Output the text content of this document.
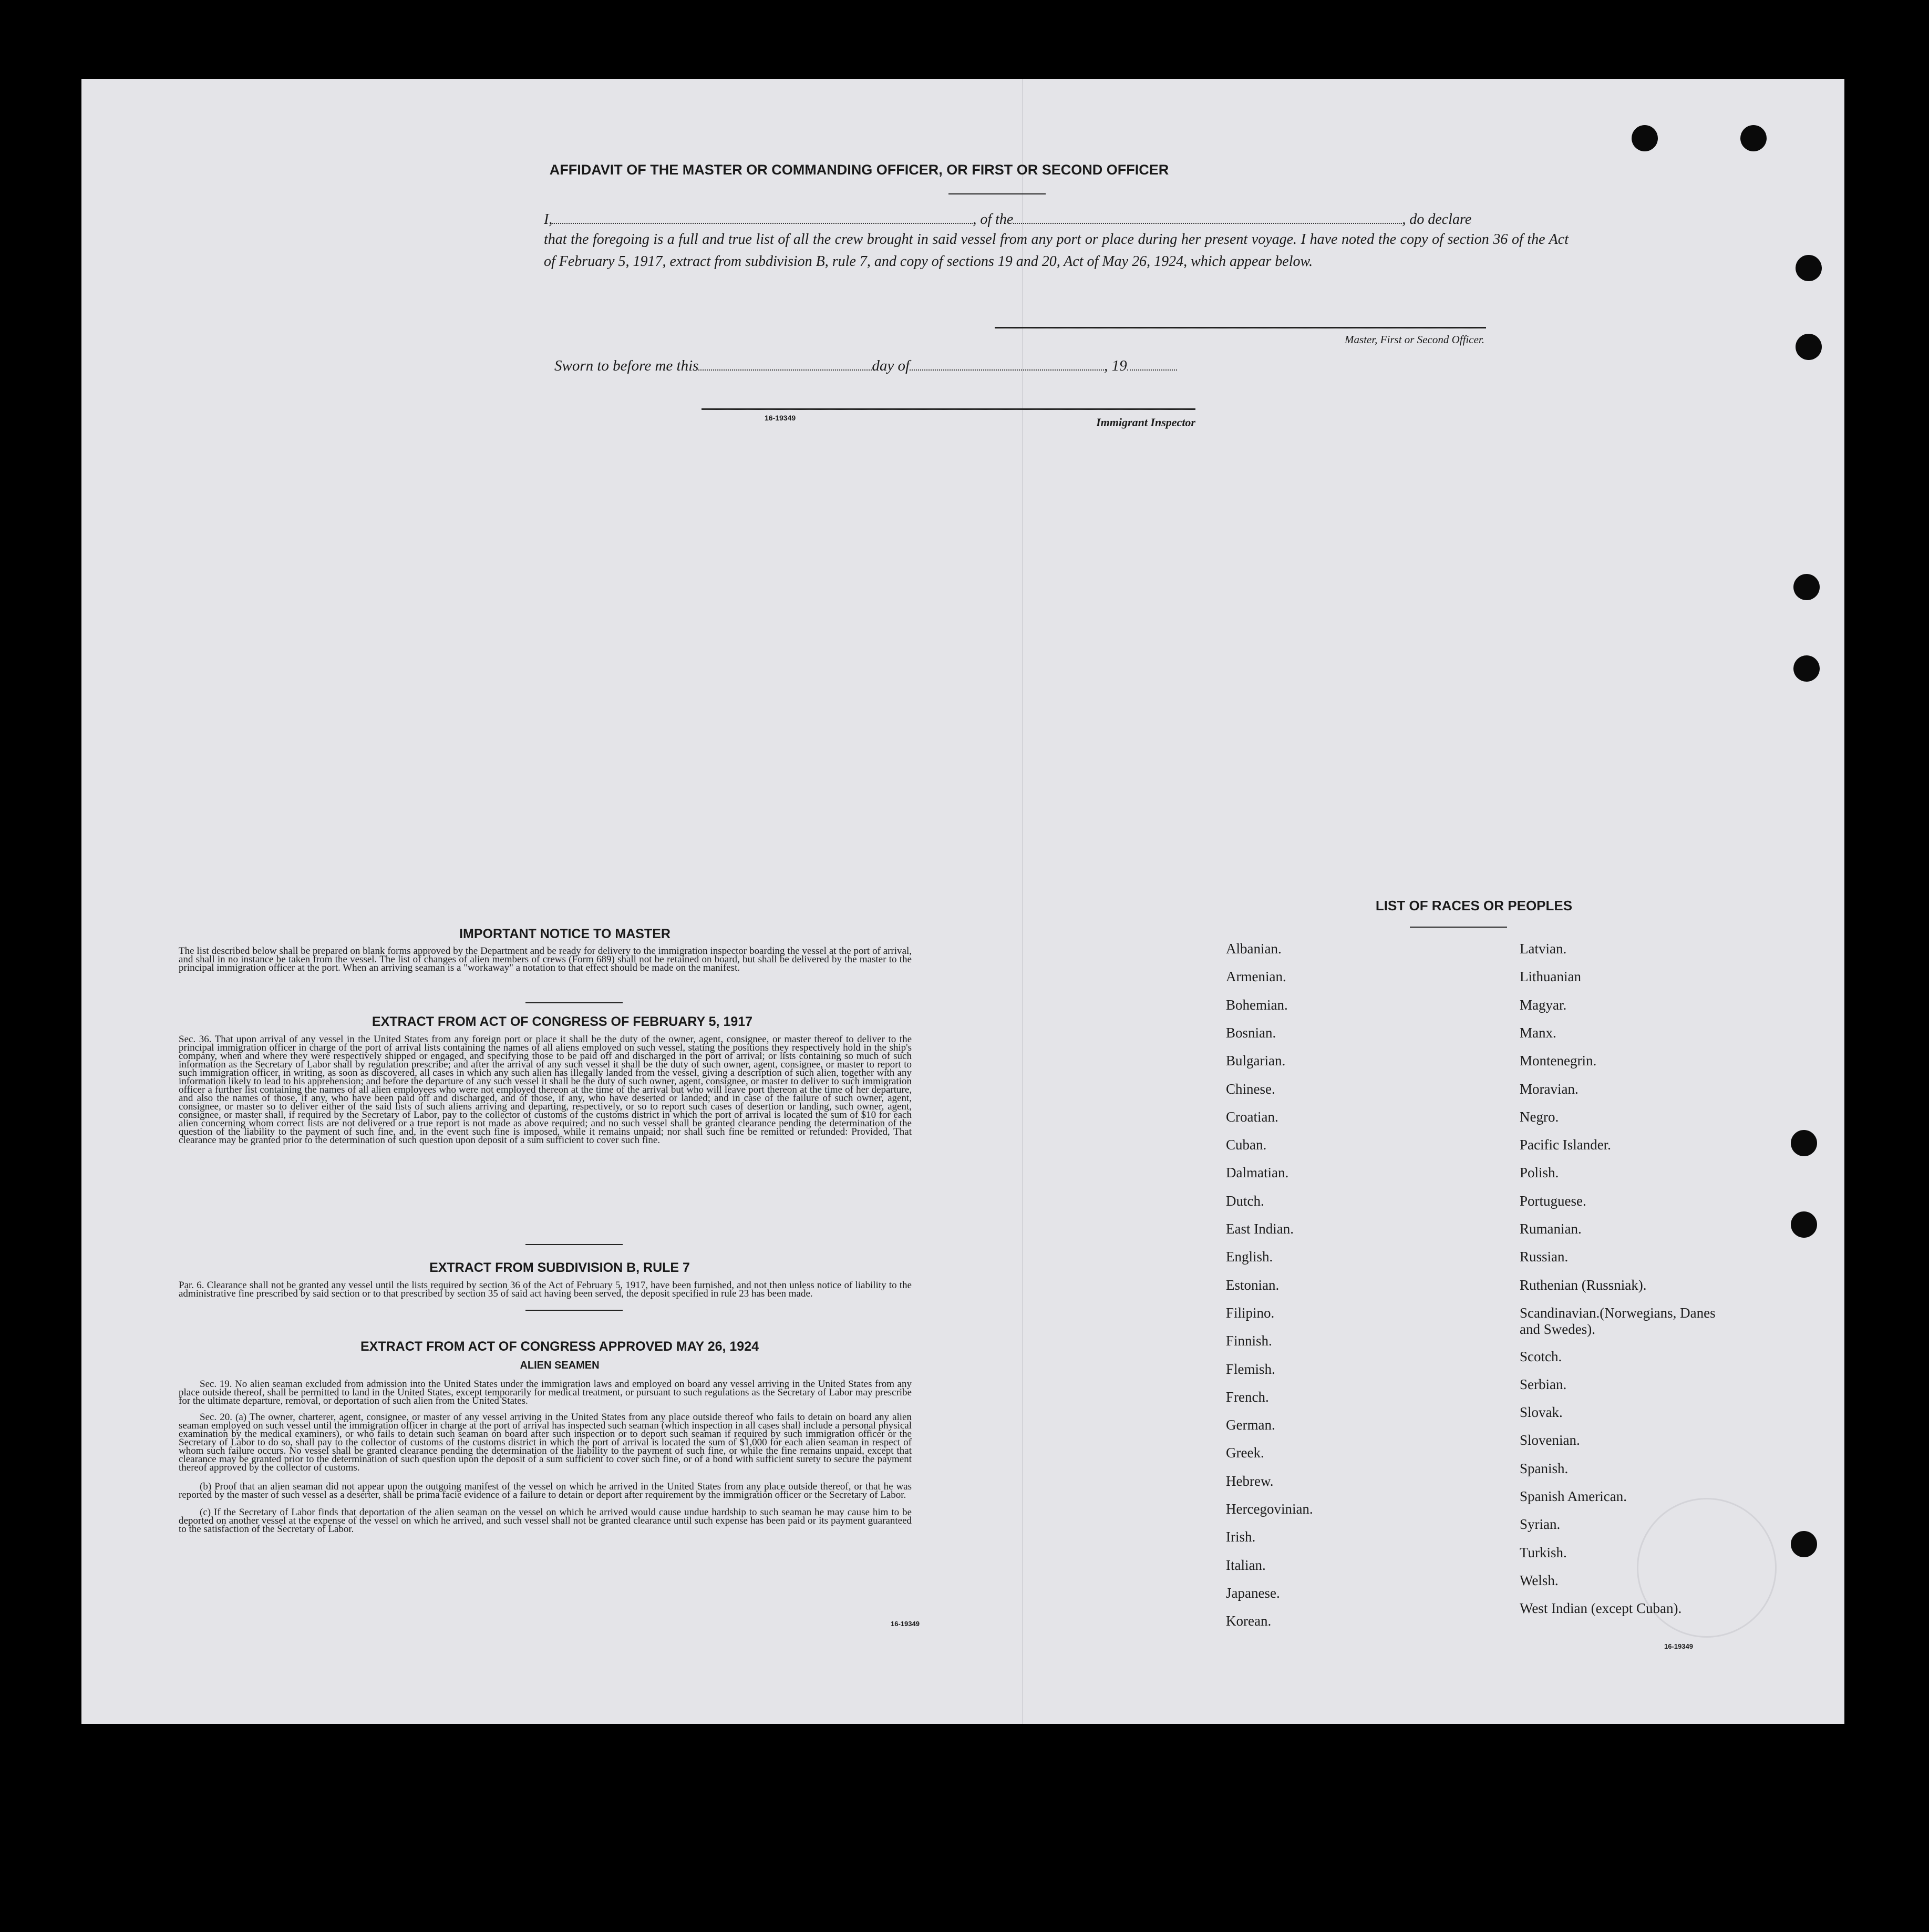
AFFIDAVIT OF THE MASTER OR COMMANDING OFFICER, OR FIRST OR SECOND OFFICER
I,	, of the	, do declare
that the foregoing is a full and true list of all the crew brought in said vessel from any port or place during her present voyage. I have noted the copy of section 36 of the Act of February 5, 1917, extract from subdivision B, rule 7, and copy of sections 19 and 20, Act of May 26, 1924, which appear below.
Master, First or Second Officer.
Sworn to before me this	day of	, 19
16-19349	Immigrant Inspector
IMPORTANT NOTICE TO MASTER
The list described below shall be prepared on blank forms approved by the Department and be ready for delivery to the immigration inspector boarding the vessel at the port of arrival, and shall in no instance be taken from the vessel. The list of changes of alien members of crews (Form 689) shall not be retained on board, but shall be delivered by the master to the principal immigration officer at the port. When an arriving seaman is a "workaway" a notation to that effect should be made on the manifest.
EXTRACT FROM ACT OF CONGRESS OF FEBRUARY 5, 1917
Sec. 36. That upon arrival of any vessel in the United States from any foreign port or place it shall be the duty of the owner, agent, consignee, or master thereof to deliver to the principal immigration officer in charge of the port of arrival lists containing the names of all aliens employed on such vessel, stating the positions they respectively hold in the ship's company, when and where they were respectively shipped or engaged, and specifying those to be paid off and discharged in the port of arrival; or lists containing so much of such information as the Secretary of Labor shall by regulation prescribe; and after the arrival of any such vessel it shall be the duty of such owner, agent, consignee, or master to report to such immigration officer, in writing, as soon as discovered, all cases in which any such alien has illegally landed from the vessel, giving a description of such alien, together with any information likely to lead to his apprehension; and before the departure of any such vessel it shall be the duty of such owner, agent, consignee, or master to deliver to such immigration officer a further list containing the names of all alien employees who were not employed thereon at the time of the arrival but who will leave port thereon at the time of her departure, and also the names of those, if any, who have been paid off and discharged, and of those, if any, who have deserted or landed; and in case of the failure of such owner, agent, consignee, or master so to deliver either of the said lists of such aliens arriving and departing, respectively, or so to report such cases of desertion or landing, such owner, agent, consignee, or master shall, if required by the Secretary of Labor, pay to the collector of customs of the customs district in which the port of arrival is located the sum of $10 for each alien concerning whom correct lists are not delivered or a true report is not made as above required; and no such vessel shall be granted clearance pending the determination of the question of the liability to the payment of such fine, and, in the event such fine is imposed, while it remains unpaid; nor shall such fine be remitted or refunded: Provided, That clearance may be granted prior to the determination of such question upon deposit of a sum sufficient to cover such fine.
EXTRACT FROM SUBDIVISION B, RULE 7
Par. 6. Clearance shall not be granted any vessel until the lists required by section 36 of the Act of February 5, 1917, have been furnished, and not then unless notice of liability to the administrative fine prescribed by said section or to that prescribed by section 35 of said act having been served, the deposit specified in rule 23 has been made.
EXTRACT FROM ACT OF CONGRESS APPROVED MAY 26, 1924
ALIEN SEAMEN
Sec. 19. No alien seaman excluded from admission into the United States under the immigration laws and employed on board any vessel arriving in the United States from any place outside thereof, shall be permitted to land in the United States, except temporarily for medical treatment, or pursuant to such regulations as the Secretary of Labor may prescribe for the ultimate departure, removal, or deportation of such alien from the United States.
Sec. 20. (a) The owner, charterer, agent, consignee, or master of any vessel arriving in the United States from any place outside thereof who fails to detain on board any alien seaman employed on such vessel until the immigration officer in charge at the port of arrival has inspected such seaman (which inspection in all cases shall include a personal physical examination by the medical examiners), or who fails to detain such seaman on board after such inspection or to deport such seaman if required by such immigration officer or the Secretary of Labor to do so, shall pay to the collector of customs of the customs district in which the port of arrival is located the sum of $1,000 for each alien seaman in respect of whom such failure occurs. No vessel shall be granted clearance pending the determination of the liability to the payment of such fine, or while the fine remains unpaid, except that clearance may be granted prior to the determination of such question upon the deposit of a sum sufficient to cover such fine, or of a bond with sufficient surety to secure the payment thereof approved by the collector of customs.
(b) Proof that an alien seaman did not appear upon the outgoing manifest of the vessel on which he arrived in the United States from any place outside thereof, or that he was reported by the master of such vessel as a deserter, shall be prima facie evidence of a failure to detain or deport after requirement by the immigration officer or the Secretary of Labor.
(c) If the Secretary of Labor finds that deportation of the alien seaman on the vessel on which he arrived would cause undue hardship to such seaman he may cause him to be deported on another vessel at the expense of the vessel on which he arrived, and such vessel shall not be granted clearance until such expense has been paid or its payment guaranteed to the satisfaction of the Secretary of Labor.
16-19349
LIST OF RACES OR PEOPLES
16-19349
Albanian.
Armenian.
Bohemian.
Bosnian.
Bulgarian.
Chinese.
Croatian.
Cuban.
Dalmatian.
Dutch.
East Indian.
English.
Estonian.
Filipino.
Finnish.
Flemish.
French.
German.
Greek.
Hebrew.
Hercegovinian.
Irish.
Italian.
Japanese.
Korean.
Latvian.
Lithuanian
Magyar.
Manx.
Montenegrin.
Moravian.
Negro.
Pacific Islander.
Polish.
Portuguese.
Rumanian.
Russian.
Ruthenian (Russniak).
Scandinavian.(Norwegians, Danes and Swedes).
Scotch.
Serbian.
Slovak.
Slovenian.
Spanish.
Spanish American.
Syrian.
Turkish.
Welsh.
West Indian (except Cuban).
